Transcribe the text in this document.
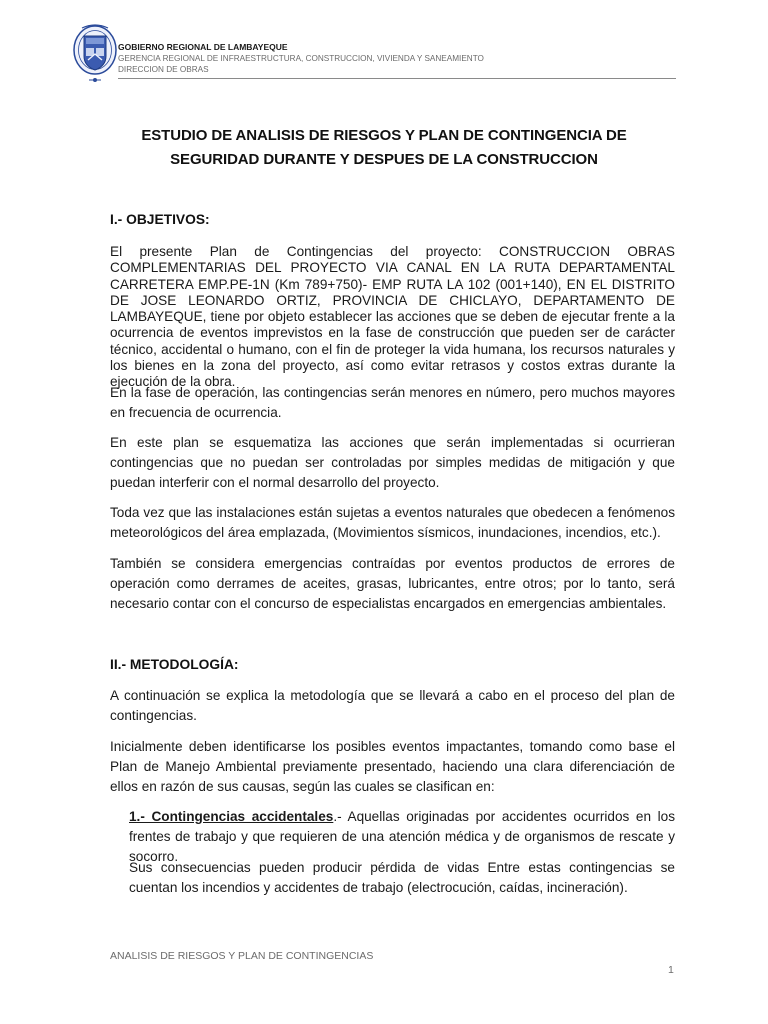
GOBIERNO REGIONAL DE LAMBAYEQUE
GERENCIA REGIONAL DE INFRAESTRUCTURA, CONSTRUCCION, VIVIENDA Y SANEAMIENTO
DIRECCION DE OBRAS
ESTUDIO DE ANALISIS DE RIESGOS Y PLAN DE CONTINGENCIA DE
SEGURIDAD DURANTE Y DESPUES DE LA CONSTRUCCION
I.- OBJETIVOS:
El presente Plan de Contingencias del proyecto: CONSTRUCCION OBRAS COMPLEMENTARIAS DEL PROYECTO VIA CANAL EN LA RUTA DEPARTAMENTAL CARRETERA EMP.PE-1N (Km 789+750)- EMP RUTA LA 102 (001+140), EN EL DISTRITO DE JOSE LEONARDO ORTIZ, PROVINCIA DE CHICLAYO, DEPARTAMENTO DE LAMBAYEQUE, tiene por objeto establecer las acciones que se deben de ejecutar frente a la ocurrencia de eventos imprevistos en la fase de construcción que pueden ser de carácter técnico, accidental o humano, con el fin de proteger la vida humana, los recursos naturales y los bienes en la zona del proyecto, así como evitar retrasos y costos extras durante la ejecución de la obra.
En la fase de operación, las contingencias serán menores en número, pero muchos mayores en frecuencia de ocurrencia.
En este plan se esquematiza las acciones que serán implementadas si ocurrieran contingencias que no puedan ser controladas por simples medidas de mitigación y que puedan interferir con el normal desarrollo del proyecto.
Toda vez que las instalaciones están sujetas a eventos naturales que obedecen a fenómenos meteorológicos del área emplazada, (Movimientos sísmicos, inundaciones, incendios, etc.).
También se considera emergencias contraídas por eventos productos de errores de operación como derrames de aceites, grasas, lubricantes, entre otros; por lo tanto, será necesario contar con el concurso de especialistas encargados en emergencias ambientales.
II.- METODOLOGÍA:
A continuación se explica la metodología que se llevará a cabo en el proceso del plan de contingencias.
Inicialmente deben identificarse los posibles eventos impactantes, tomando como base el Plan de Manejo Ambiental previamente presentado, haciendo una clara diferenciación de ellos en razón de sus causas, según las cuales se clasifican en:
1.- Contingencias accidentales.- Aquellas originadas por accidentes ocurridos en los frentes de trabajo y que requieren de una atención médica y de organismos de rescate y socorro.
Sus consecuencias pueden producir pérdida de vidas Entre estas contingencias se cuentan los incendios y accidentes de trabajo (electrocución, caídas, incineración).
ANALISIS DE RIESGOS Y PLAN DE CONTINGENCIAS
1
